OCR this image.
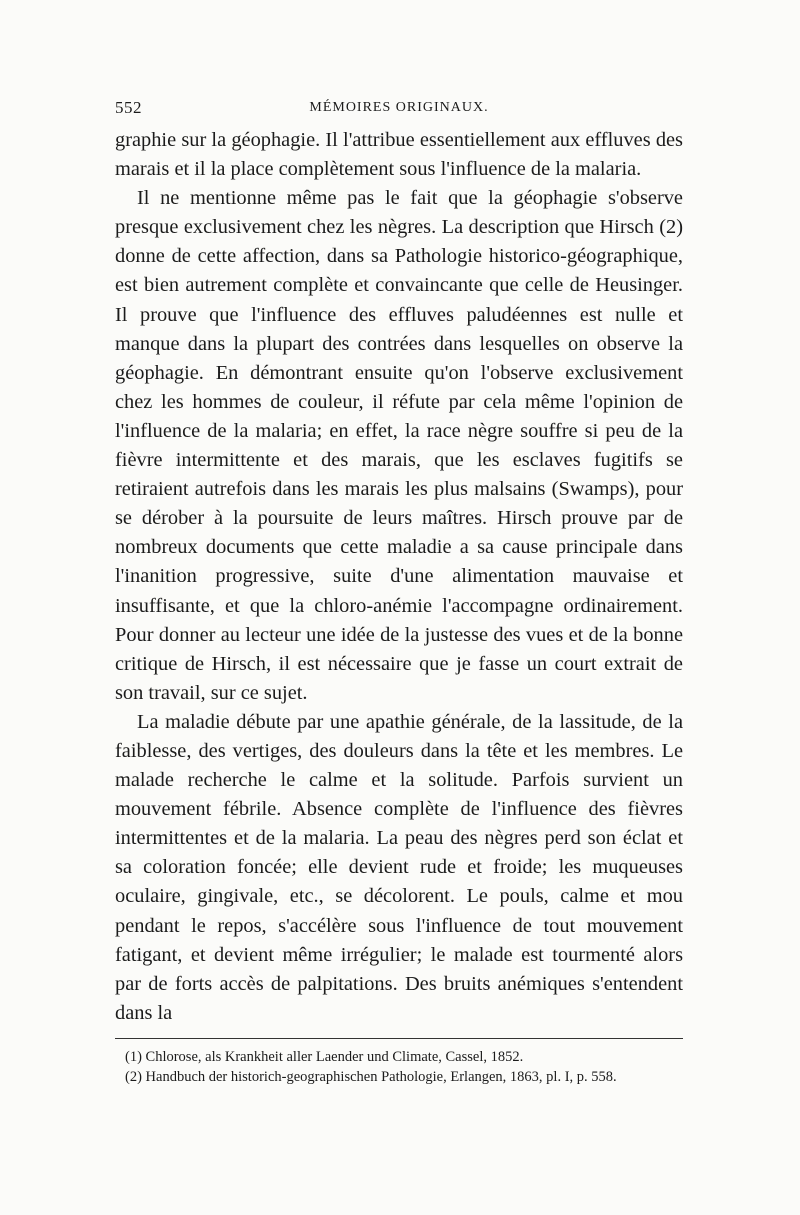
552	MÉMOIRES ORIGINAUX.

graphie sur la géophagie. Il l'attribue essentiellement aux effluves des marais et il la place complètement sous l'influence de la malaria.

Il ne mentionne même pas le fait que la géophagie s'observe presque exclusivement chez les nègres. La description que Hirsch (2) donne de cette affection, dans sa Pathologie historico-géographique, est bien autrement complète et convaincante que celle de Heusinger. Il prouve que l'influence des effluves paludéennes est nulle et manque dans la plupart des contrées dans lesquelles on observe la géophagie. En démontrant ensuite qu'on l'observe exclusivement chez les hommes de couleur, il réfute par cela même l'opinion de l'influence de la malaria; en effet, la race nègre souffre si peu de la fièvre intermittente et des marais, que les esclaves fugitifs se retiraient autrefois dans les marais les plus malsains (Swamps), pour se dérober à la poursuite de leurs maîtres. Hirsch prouve par de nombreux documents que cette maladie a sa cause principale dans l'inanition progressive, suite d'une alimentation mauvaise et insuffisante, et que la chloro-anémie l'accompagne ordinairement. Pour donner au lecteur une idée de la justesse des vues et de la bonne critique de Hirsch, il est nécessaire que je fasse un court extrait de son travail, sur ce sujet.

La maladie débute par une apathie générale, de la lassitude, de la faiblesse, des vertiges, des douleurs dans la tête et les membres. Le malade recherche le calme et la solitude. Parfois survient un mouvement fébrile. Absence complète de l'influence des fièvres intermittentes et de la malaria. La peau des nègres perd son éclat et sa coloration foncée; elle devient rude et froide; les muqueuses oculaire, gingivale, etc., se décolorent. Le pouls, calme et mou pendant le repos, s'accélère sous l'influence de tout mouvement fatigant, et devient même irrégulier; le malade est tourmenté alors par de forts accès de palpitations. Des bruits anémiques s'entendent dans la

(1) Chlorose, als Krankheit aller Laender und Climate, Cassel, 1852.

(2) Handbuch der historich-geographischen Pathologie, Erlangen, 1863, pl. I, p. 558.
